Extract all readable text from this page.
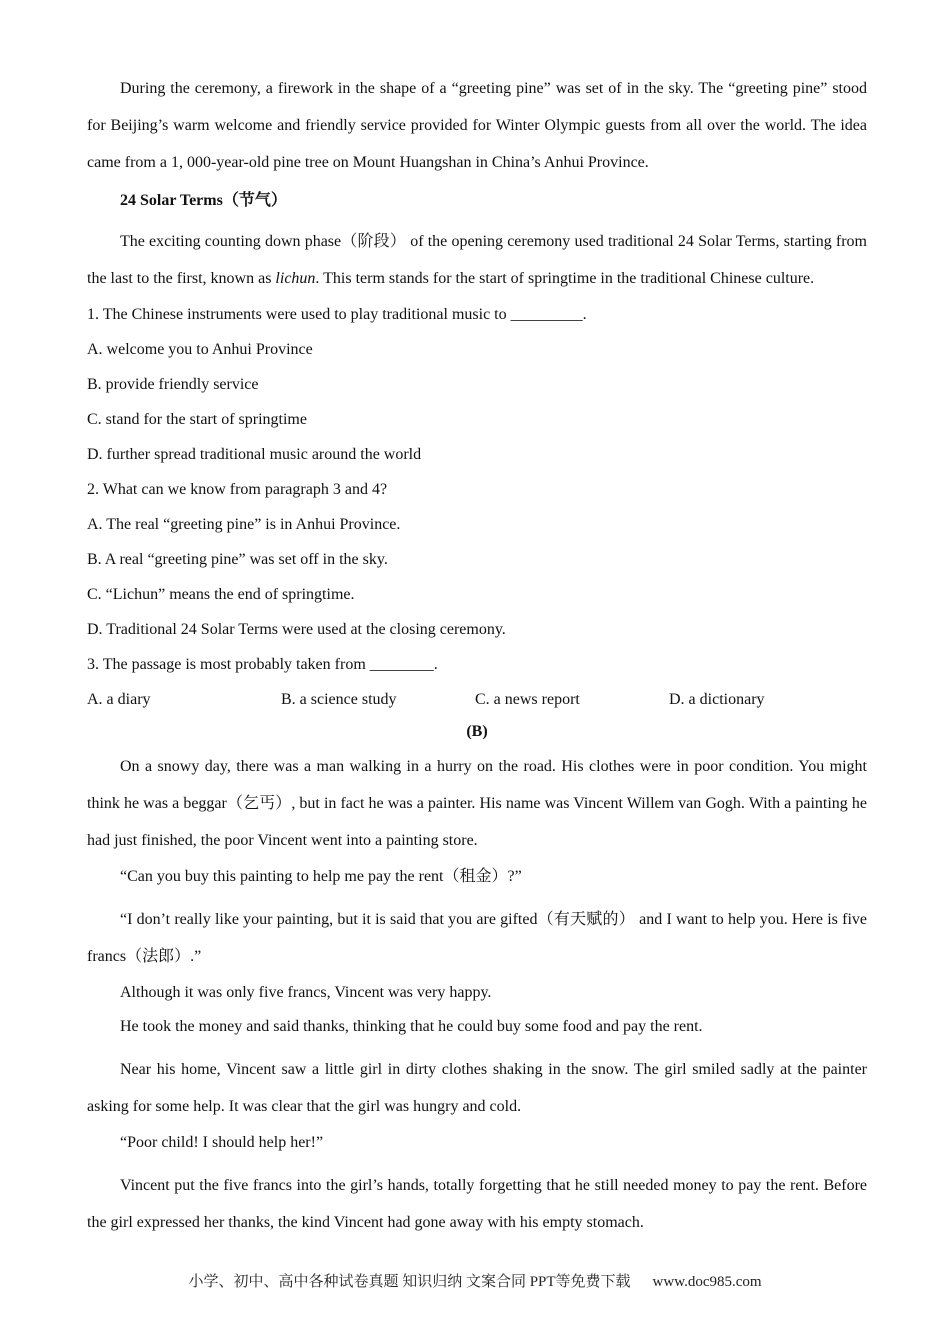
During the ceremony, a firework in the shape of a “greeting pine” was set of in the sky. The “greeting pine” stood for Beijing’s warm welcome and friendly service provided for Winter Olympic guests from all over the world. The idea came from a 1, 000-year-old pine tree on Mount Huangshan in China’s Anhui Province.

24 Solar Terms（节气）

The exciting counting down phase（阶段） of the opening ceremony used traditional 24 Solar Terms, starting from the last to the first, known as lichun. This term stands for the start of springtime in the traditional Chinese culture.

1. The Chinese instruments were used to play traditional music to _________.
A. welcome you to Anhui Province
B. provide friendly service
C. stand for the start of springtime
D. further spread traditional music around the world
2. What can we know from paragraph 3 and 4?
A. The real “greeting pine” is in Anhui Province.
B. A real “greeting pine” was set off in the sky.
C. “Lichun” means the end of springtime.
D. Traditional 24 Solar Terms were used at the closing ceremony.
3. The passage is most probably taken from ________.
A. a diary	B. a science study	C. a news report	D. a dictionary
(B)

On a snowy day, there was a man walking in a hurry on the road. His clothes were in poor condition. You might think he was a beggar（乞丐）, but in fact he was a painter. His name was Vincent Willem van Gogh. With a painting he had just finished, the poor Vincent went into a painting store.

“Can you buy this painting to help me pay the rent（租金）?”

“I don’t really like your painting, but it is said that you are gifted（有天赋的） and I want to help you. Here is five francs（法郎）.”

Although it was only five francs, Vincent was very happy.

He took the money and said thanks, thinking that he could buy some food and pay the rent.

Near his home, Vincent saw a little girl in dirty clothes shaking in the snow. The girl smiled sadly at the painter asking for some help. It was clear that the girl was hungry and cold.

“Poor child! I should help her!”

Vincent put the five francs into the girl’s hands, totally forgetting that he still needed money to pay the rent. Before the girl expressed her thanks, the kind Vincent had gone away with his empty stomach.

小学、初中、高中各种试卷真题 知识归纳 文案合同 PPT等免费下载 www.doc985.com
